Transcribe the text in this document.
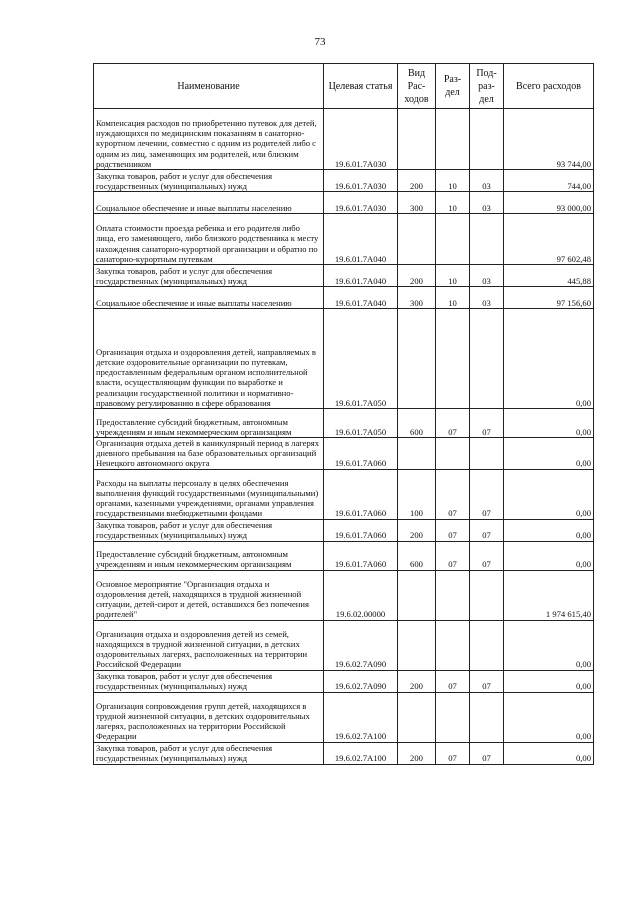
73
Наименование	Целевая статья	Вид Рас- ходов	Раз- дел	Под- раз- дел	Всего расходов
Компенсация расходов по приобретению путевок для детей, нуждающихся по медицинским показаниям в санаторно-курортном лечении, совместно с одним из родителей либо с одним из лиц, заменяющих им родителей, или близким родственником	19.6.01.7А030				93 744,00
Закупка товаров, работ и услуг для обеспечения государственных (муниципальных) нужд	19.6.01.7А030	200	10	03	744,00
Социальное обеспечение и иные выплаты населению	19.6.01.7А030	300	10	03	93 000,00
Оплата стоимости проезда ребенка и его родителя либо лица, его заменяющего, либо близкого родственника к месту нахождения санаторно-курортной организации и обратно по санаторно-курортным путевкам	19.6.01.7А040				97 602,48
Закупка товаров, работ и услуг для обеспечения государственных (муниципальных) нужд	19.6.01.7А040	200	10	03	445,88
Социальное обеспечение и иные выплаты населению	19.6.01.7А040	300	10	03	97 156,60
Организация отдыха и оздоровления детей, направляемых в детские оздоровительные организации по путевкам, предоставленным федеральным органом исполнительной власти, осуществляющим функции по выработке и реализации государственной политики и нормативно-правовому регулированию в сфере образования	19.6.01.7А050				0,00
Предоставление субсидий бюджетным, автономным учреждениям и иным некоммерческим организациям	19.6.01.7А050	600	07	07	0,00
Организация отдыха детей в каникулярный период в лагерях дневного пребывания на базе образовательных организаций Ненецкого автономного округа	19.6.01.7А060				0,00
Расходы на выплаты персоналу в целях обеспечения выполнения функций государственными (муниципальными) органами, казенными учреждениями, органами управления государственными внебюджетными фондами	19.6.01.7А060	100	07	07	0,00
Закупка товаров, работ и услуг для обеспечения государственных (муниципальных) нужд	19.6.01.7А060	200	07	07	0,00
Предоставление субсидий бюджетным, автономным учреждениям и иным некоммерческим организациям	19.6.01.7А060	600	07	07	0,00
Основное мероприятие "Организация отдыха и оздоровления детей, находящихся в трудной жизненной ситуации, детей-сирот и детей, оставшихся без попечения родителей"	19.6.02.00000				1 974 615,40
Организация отдыха и оздоровления детей из семей, находящихся в трудной жизненной ситуации, в детских оздоровительных лагерях, расположенных на территории Российской Федерации	19.6.02.7А090				0,00
Закупка товаров, работ и услуг для обеспечения государственных (муниципальных) нужд	19.6.02.7А090	200	07	07	0,00
Организация сопровождения групп детей, находящихся в трудной жизненной ситуации, в детских оздоровительных лагерях, расположенных на территории Российской Федерации	19.6.02.7А100				0,00
Закупка товаров, работ и услуг для обеспечения государственных (муниципальных) нужд	19.6.02.7А100	200	07	07	0,00
